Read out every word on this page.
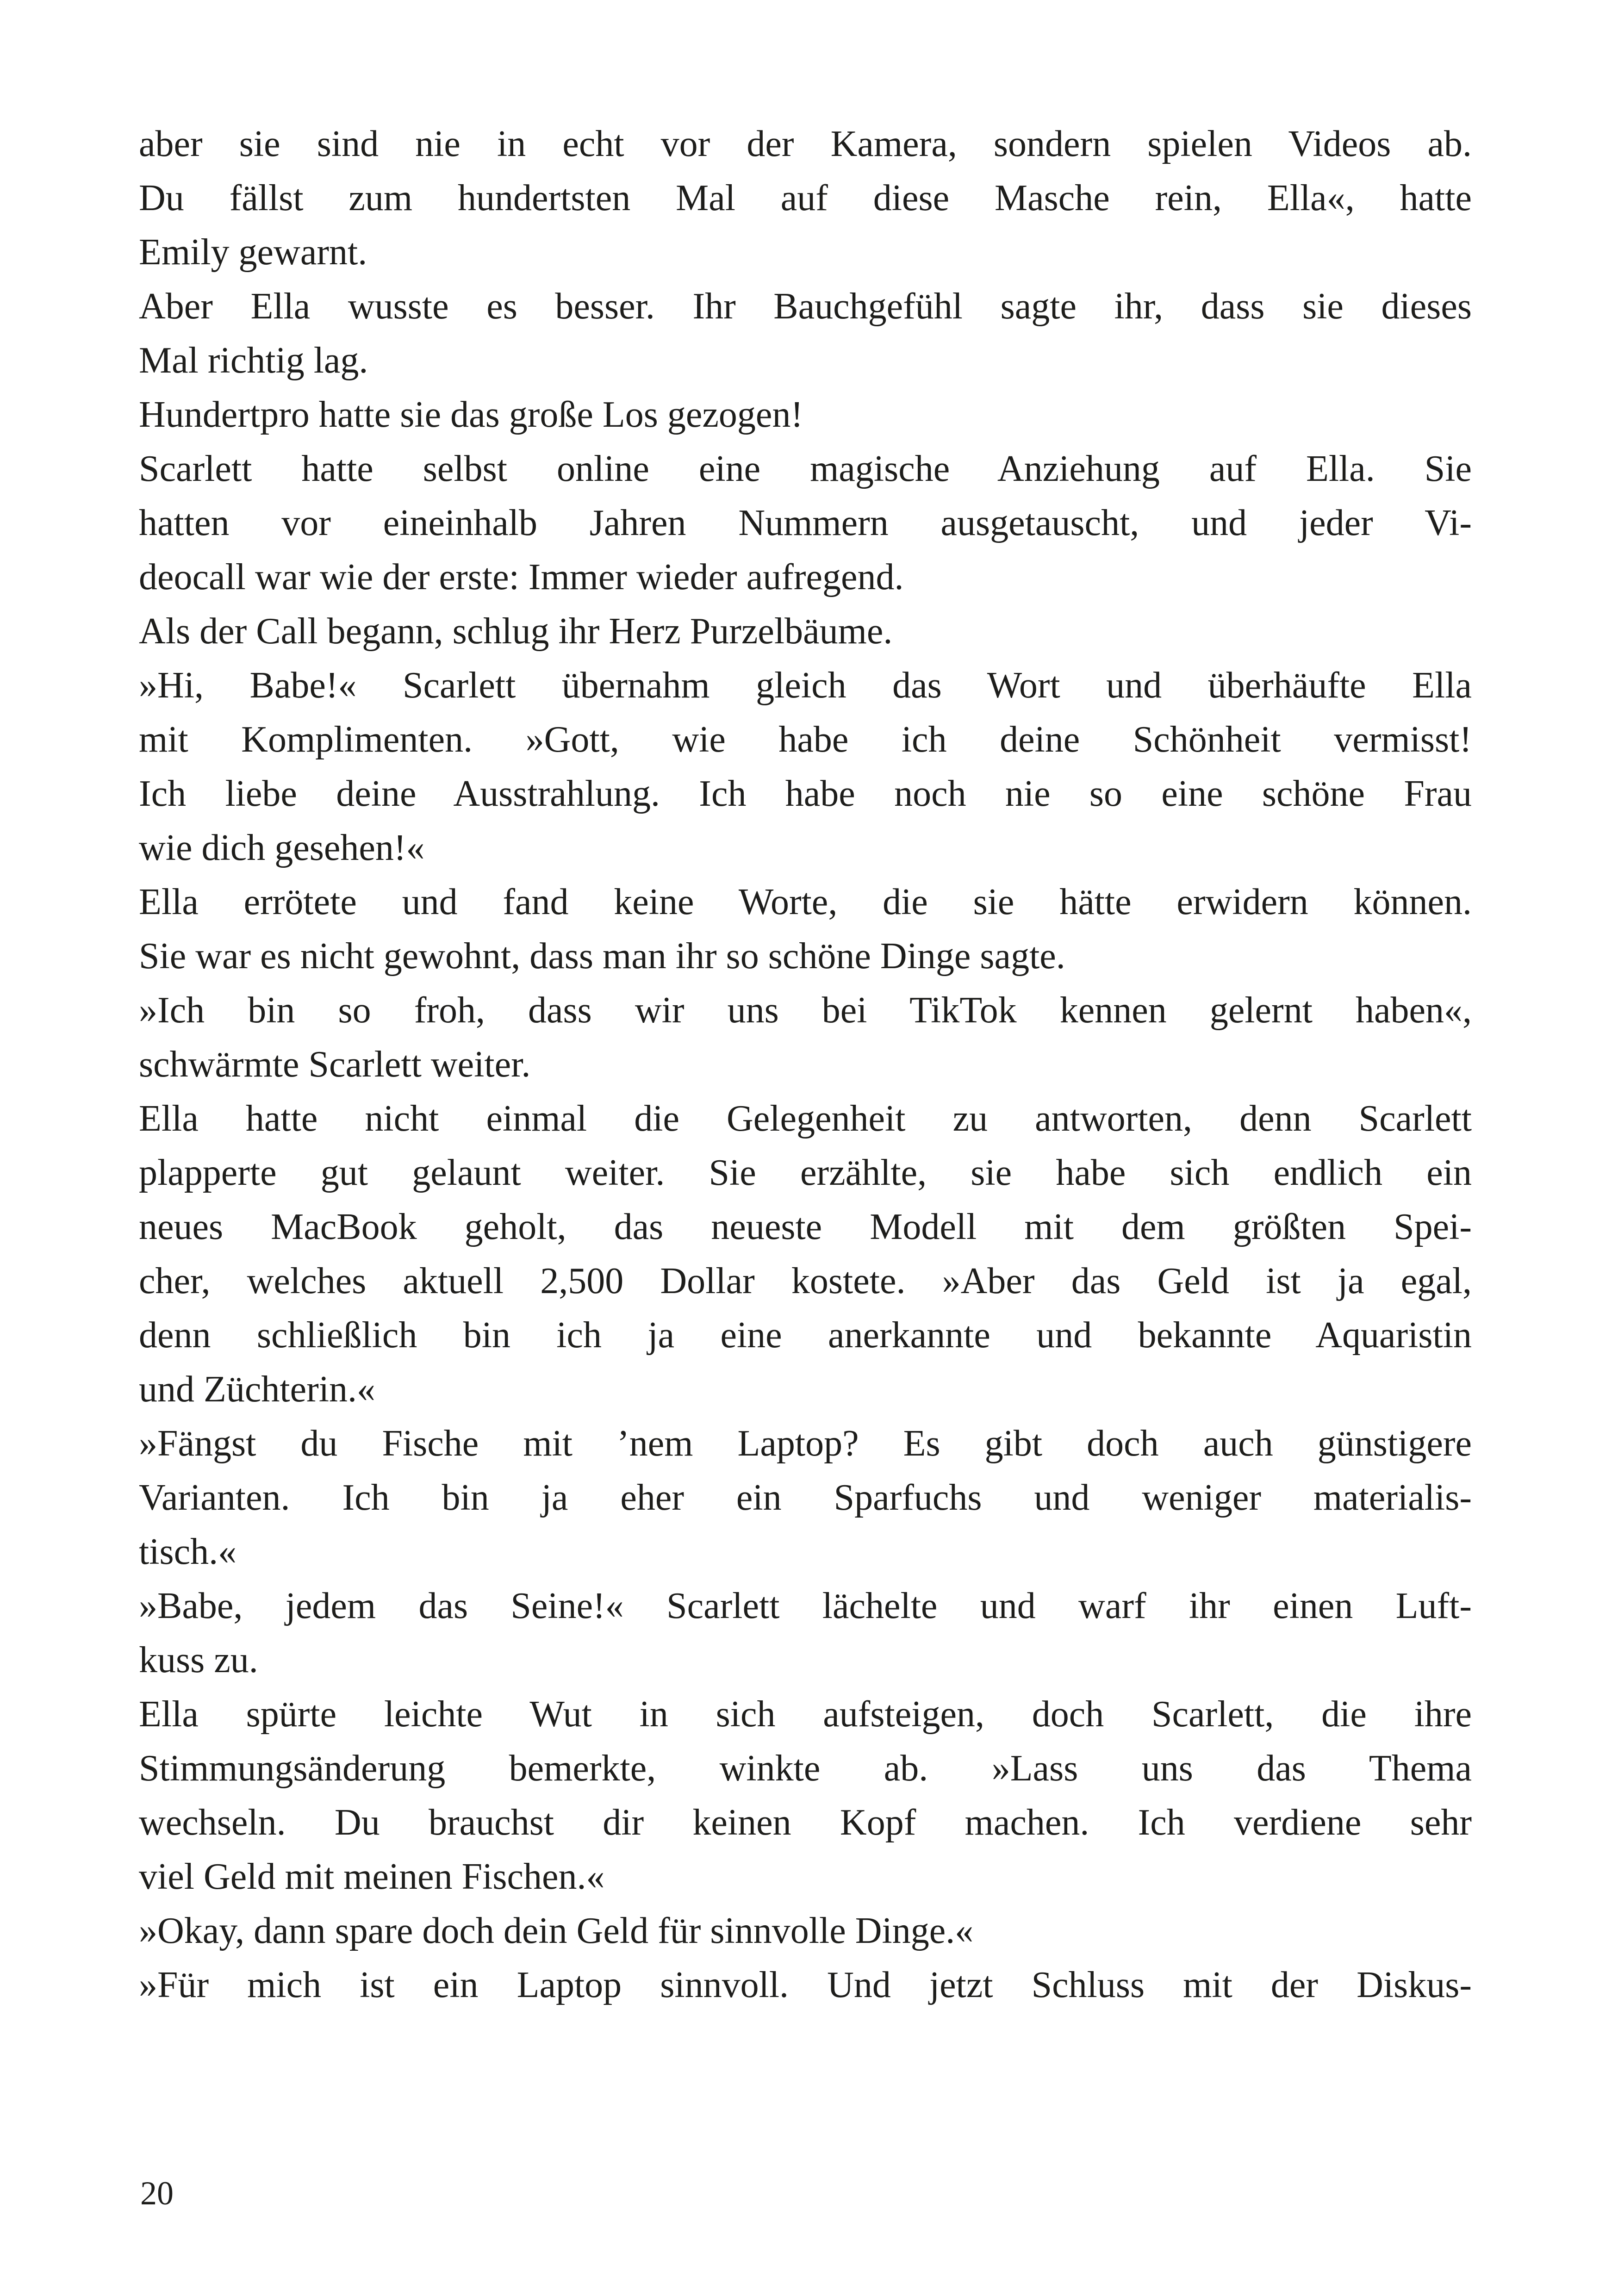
aber sie sind nie in echt vor der Kamera, sondern spielen Videos ab.
Du fällst zum hundertsten Mal auf diese Masche rein, Ella«, hatte
Emily gewarnt.
Aber Ella wusste es besser. Ihr Bauchgefühl sagte ihr, dass sie dieses
Mal richtig lag.
Hundertpro hatte sie das große Los gezogen!
Scarlett hatte selbst online eine magische Anziehung auf Ella. Sie
hatten vor eineinhalb Jahren Nummern ausgetauscht, und jeder Vi-
deocall war wie der erste: Immer wieder aufregend.
Als der Call begann, schlug ihr Herz Purzelbäume.
»Hi, Babe!« Scarlett übernahm gleich das Wort und überhäufte Ella
mit Komplimenten. »Gott, wie habe ich deine Schönheit vermisst!
Ich liebe deine Ausstrahlung. Ich habe noch nie so eine schöne Frau
wie dich gesehen!«
Ella errötete und fand keine Worte, die sie hätte erwidern können.
Sie war es nicht gewohnt, dass man ihr so schöne Dinge sagte.
»Ich bin so froh, dass wir uns bei TikTok kennen gelernt haben«,
schwärmte Scarlett weiter.
Ella hatte nicht einmal die Gelegenheit zu antworten, denn Scarlett
plapperte gut gelaunt weiter. Sie erzählte, sie habe sich endlich ein
neues MacBook geholt, das neueste Modell mit dem größten Spei-
cher, welches aktuell 2,500 Dollar kostete. »Aber das Geld ist ja egal,
denn schließlich bin ich ja eine anerkannte und bekannte Aquaristin
und Züchterin.«
»Fängst du Fische mit ’nem Laptop? Es gibt doch auch günstigere
Varianten. Ich bin ja eher ein Sparfuchs und weniger materialis-
tisch.«
»Babe, jedem das Seine!« Scarlett lächelte und warf ihr einen Luft-
kuss zu.
Ella spürte leichte Wut in sich aufsteigen, doch Scarlett, die ihre
Stimmungsänderung bemerkte, winkte ab. »Lass uns das Thema
wechseln. Du brauchst dir keinen Kopf machen. Ich verdiene sehr
viel Geld mit meinen Fischen.«
»Okay, dann spare doch dein Geld für sinnvolle Dinge.«
»Für mich ist ein Laptop sinnvoll. Und jetzt Schluss mit der Diskus-
20
